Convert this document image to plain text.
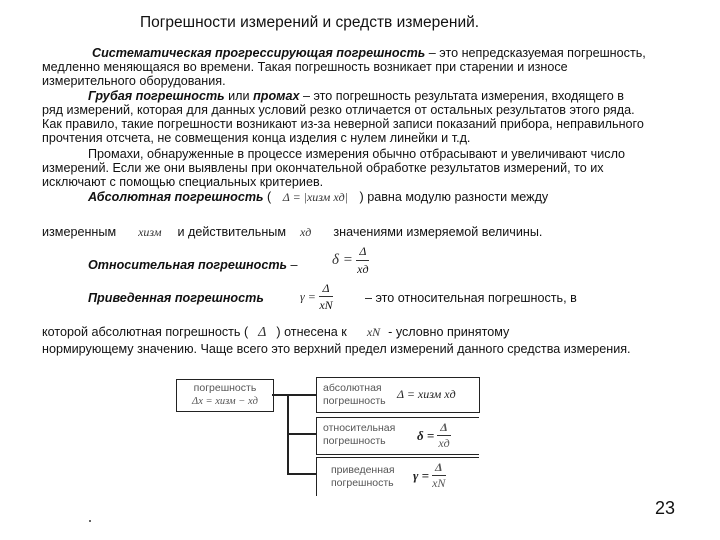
Погрешности измерений и средств измерений.
Систематическая прогрессирующая погрешность – это непредсказуемая погрешность,
медленно меняющаяся во времени. Такая погрешность возникает при старении и износе
измерительного оборудования.
Грубая погрешность или промах – это погрешность результата измерения, входящего в
ряд измерений, которая для данных условий резко отличается от остальных результатов этого ряда.
Как правило, такие погрешности возникают из-за неверной записи показаний прибора, неправильного
прочтения отсчета, не совмещения конца изделия с нулем линейки и т.д.
Промахи, обнаруженные в процессе измерения обычно отбрасывают и увеличивают число
измерений. Если же они выявлены при окончательной обработке результатов измерений, то их
исключают с помощью специальных критериев.
Абсолютная погрешность ( Δ = |xизм xд| ) равна модулю разности между
измеренным xизм и действительным xд значениями измеряемой величины.
Относительная погрешность – $\delta = \frac{\Delta}{xд}$
Приведенная погрешность	$\gamma = \frac{\Delta}{xN}$	– это относительная погрешность, в
которой абсолютная погрешность ( Δ ) отнесена к xN - условно принятому
нормирующему значению. Чаще всего это верхний предел измерений данного средства измерения.
погрешность
Δx = xизм − xд
абсолютная
погрешность Δ = xизм xд
относительная
погрешность $\delta = \frac{\Delta}{xд}$
приведенная
погрешность $\gamma = \frac{\Delta}{xN}$
23
